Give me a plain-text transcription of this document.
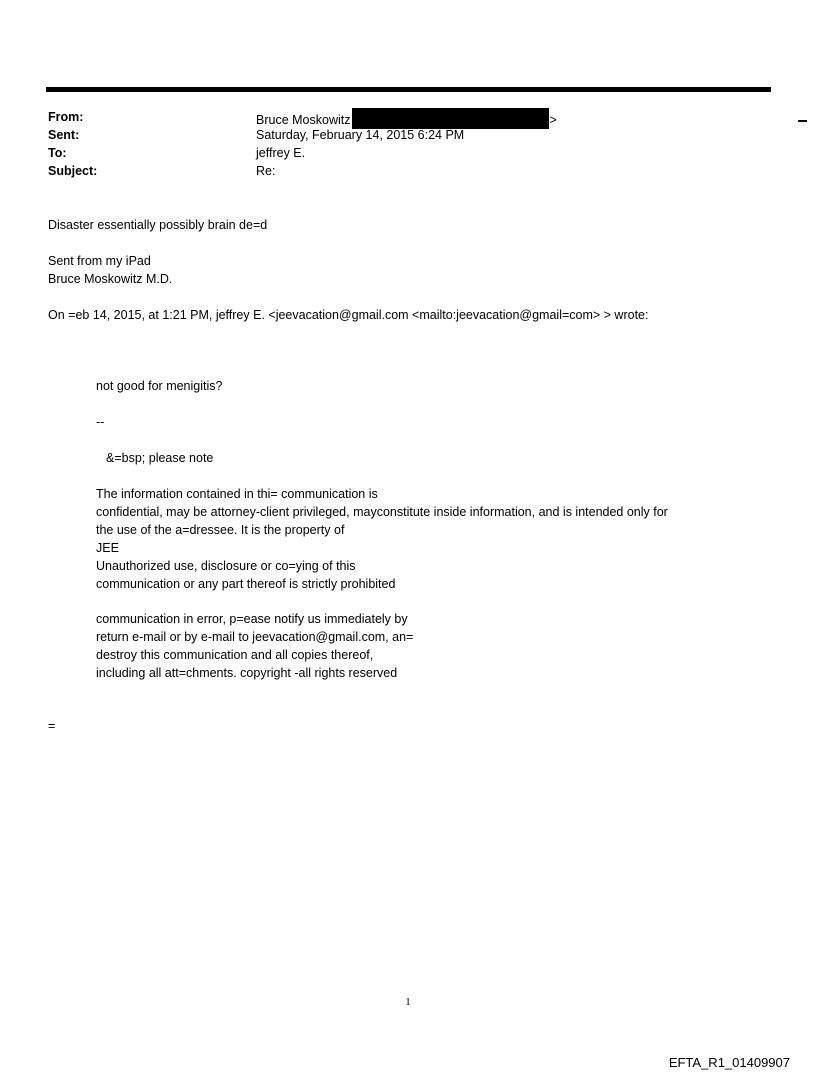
From:	Bruce Moskowitz	>
Sent:	Saturday, February 14, 2015 6:24 PM
To:	jeffrey E.
Subject:	Re:
Disaster essentially possibly brain de=d
Sent from my iPad
Bruce Moskowitz M.D.
On =eb 14, 2015, at 1:21 PM, jeffrey E. <jeevacation@gmail.com <mailto:jeevacation@gmail=com> > wrote:
not good for menigitis?
--
&=bsp; please note
The information contained in thi= communication is
confidential, may be attorney-client privileged, mayconstitute inside information, and is intended only for
the use of the a=dressee. It is the property of
JEE
Unauthorized use, disclosure or co=ying of this
communication or any part thereof is strictly prohibited
communication in error, p=ease notify us immediately by
return e-mail or by e-mail to jeevacation@gmail.com, an=
destroy this communication and all copies thereof,
including all att=chments. copyright -all rights reserved
=
1
EFTA_R1_01409907
